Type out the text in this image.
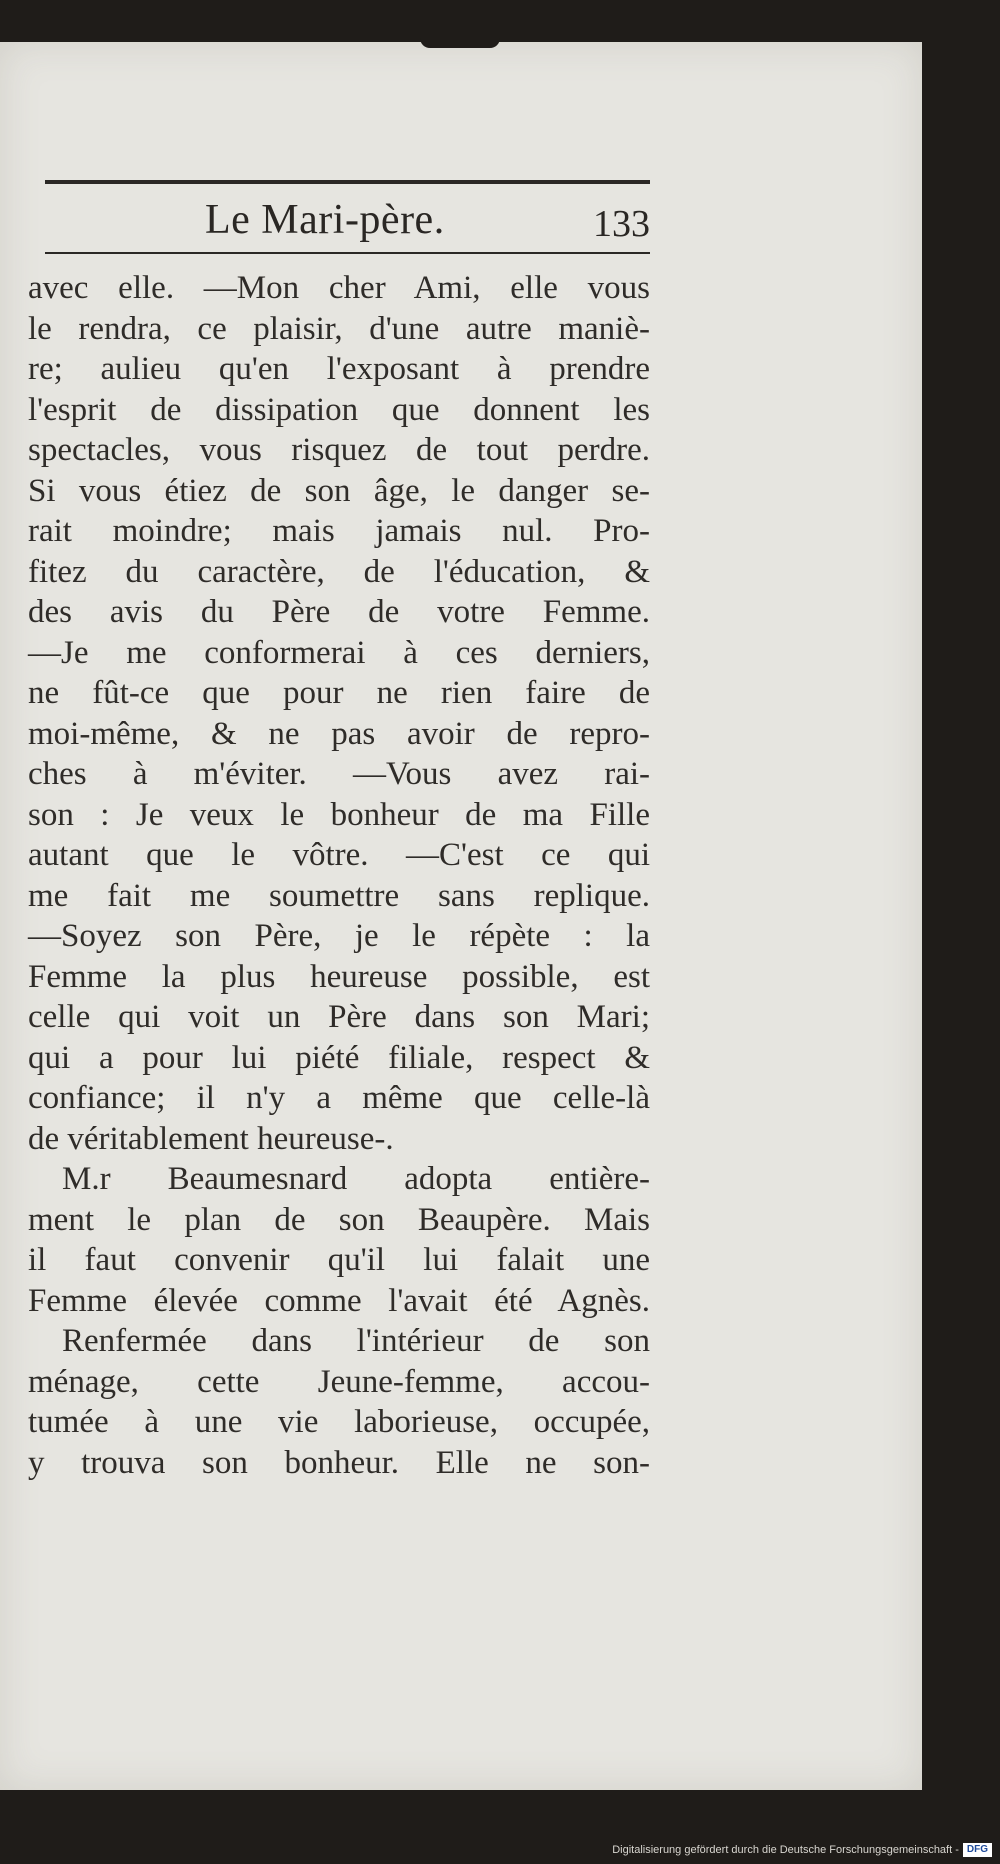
Le Mari-père.	133
avec elle. —Mon cher Ami, elle vous
le rendra, ce plaisir, d'une autre maniè-
re; aulieu qu'en l'exposant à prendre
l'esprit de dissipation que donnent les
spectacles, vous risquez de tout perdre.
Si vous étiez de son âge, le danger se-
rait moindre; mais jamais nul. Pro-
fitez du caractère, de l'éducation, &
des avis du Père de votre Femme.
—Je me conformerai à ces derniers,
ne fût-ce que pour ne rien faire de
moi-même, & ne pas avoir de repro-
ches à m'éviter. —Vous avez rai-
son : Je veux le bonheur de ma Fille
autant que le vôtre. —C'est ce qui
me fait me soumettre sans replique.
—Soyez son Père, je le répète : la
Femme la plus heureuse possible, est
celle qui voit un Père dans son Mari;
qui a pour lui piété filiale, respect &
confiance; il n'y a même que celle-là
de véritablement heureuse-.
M.r Beaumesnard adopta entière-
ment le plan de son Beaupère. Mais
il faut convenir qu'il lui falait une
Femme élevée comme l'avait été Agnès.
Renfermée dans l'intérieur de son
ménage, cette Jeune-femme, accou-
tumée à une vie laborieuse, occupée,
y trouva son bonheur. Elle ne son-
Digitalisierung gefördert durch die Deutsche Forschungsgemeinschaft - DFG
